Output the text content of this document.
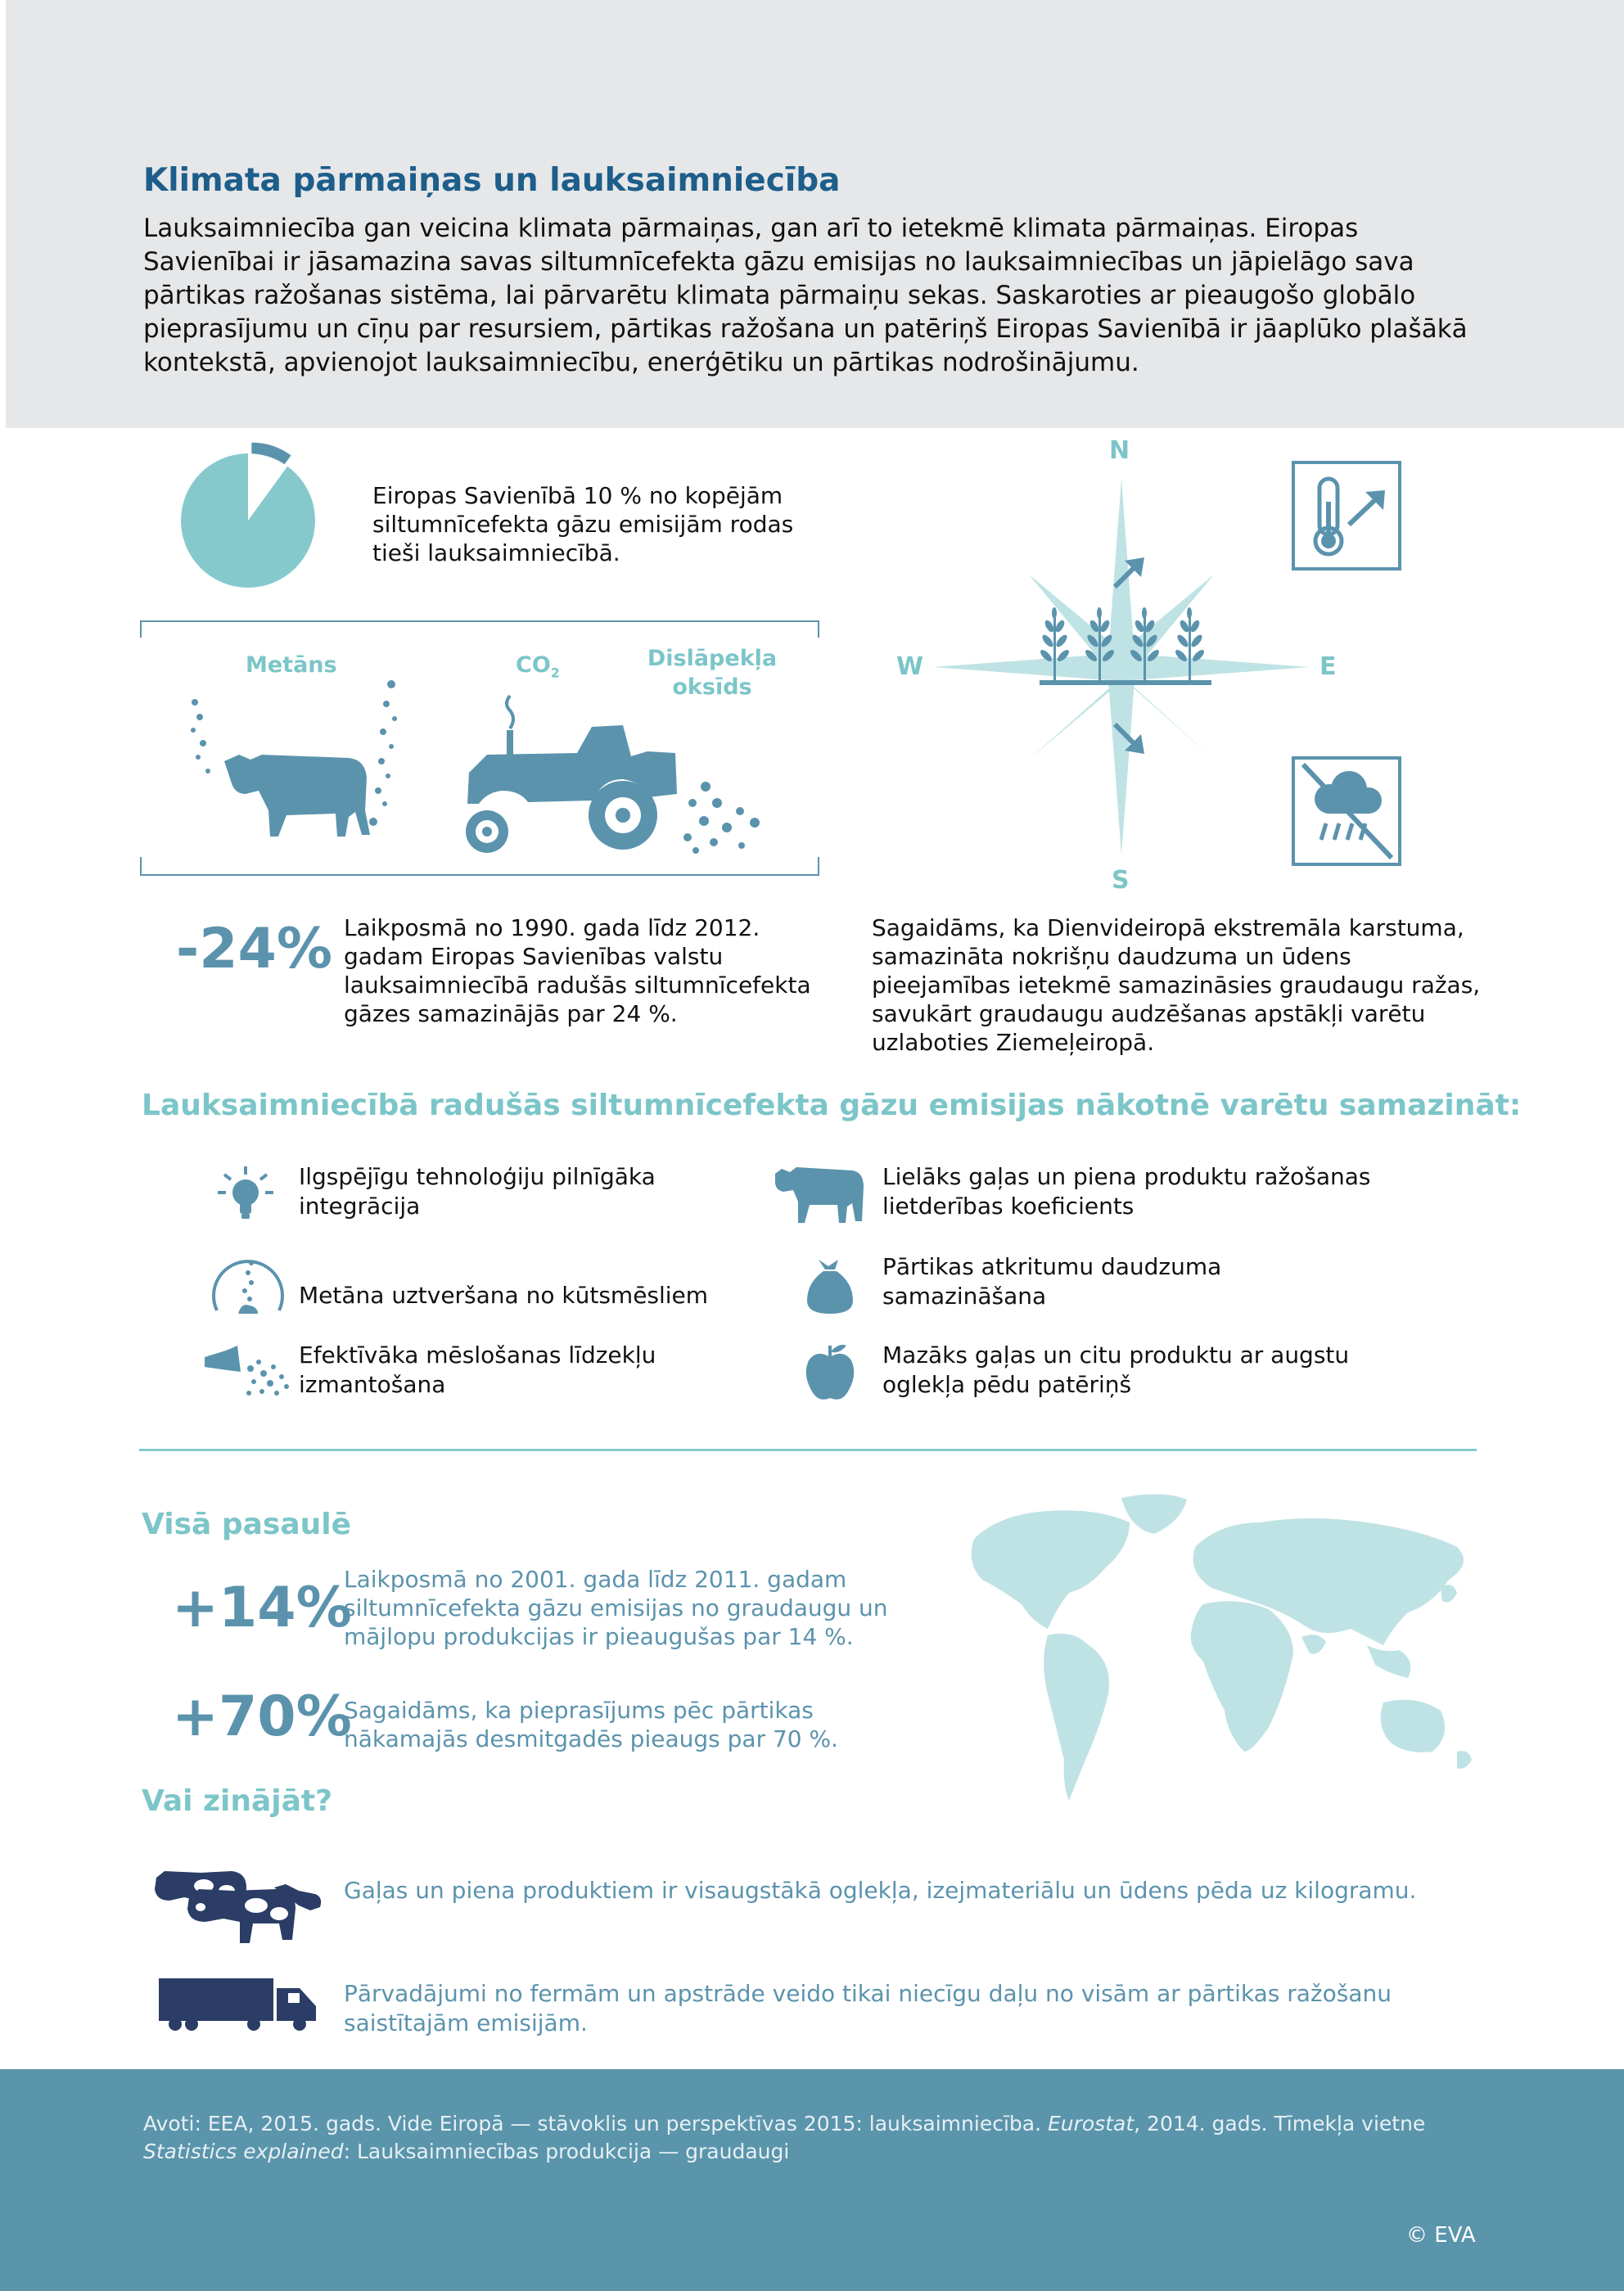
Klimata pārmaiņas un lauksaimniecība
Lauksaimniecība gan veicina klimata pārmaiņas, gan arī to ietekmē klimata pārmaiņas. Eiropas Savienībai ir jāsamazina savas siltumnīcefekta gāzu emisijas no lauksaimniecības un jāpielāgo sava pārtikas ražošanas sistēma, lai pārvarētu klimata pārmaiņu sekas. Saskaroties ar pieaugošo globālo pieprasījumu un cīņu par resursiem, pārtikas ražošana un patēriņš Eiropas Savienībā ir jāaplūko plašākā kontekstā, apvienojot lauksaimniecību, enerģētiku un pārtikas nodrošinājumu.
Eiropas Savienībā 10 % no kopējām siltumnīcefekta gāzu emisijām rodas tieši lauksaimniecībā.
Metāns	$CO_2$
Dislāpekļa oksīds
-24% Laikposmā no 1990. gada līdz 2012. gadam Eiropas Savienības valstu lauksaimniecībā radušās siltumnīcefekta gāzes samazinājās par 24 %.
N
S
W	E
Sagaidāms, ka Dienvideiropā ekstremāla karstuma, samazināta nokrišņu daudzuma un ūdens pieejamības ietekmē samazināsies graudaugu ražas, savukārt graudaugu audzēšanas apstākļi varētu uzlaboties Ziemeļeiropā.
Lauksaimniecībā radušās siltumnīcefekta gāzu emisijas nākotnē varētu samazināt:
Ilgspējīgu tehnoloģiju pilnīgāka integrācija
Metāna uztveršana no kūtsmēsliem
Efektīvāka mēslošanas līdzekļu izmantošana
Lielāks gaļas un piena produktu ražošanas lietderības koeficients
Pārtikas atkritumu daudzuma samazināšana
Mazāks gaļas un citu produktu ar augstu oglekļa pēdu patēriņš
Visā pasaulē
+14%
Laikposmā no 2001. gada līdz 2011. gadam siltumnīcefekta gāzu emisijas no graudaugu un mājlopu produkcijas ir pieaugušas par 14 %.
+70%
Sagaidāms, ka pieprasījums pēc pārtikas nākamajās desmitgadēs pieaugs par 70 %.
Vai zinājāt?
Gaļas un piena produktiem ir visaugstākā oglekļa, izejmateriālu un ūdens pēda uz kilogramu.
Pārvadājumi no fermām un apstrāde veido tikai niecīgu daļu no visām ar pārtikas ražošanu saistītajām emisijām.
Avoti: EEA, 2015. gads. Vide Eiropā — stāvoklis un perspektīvas 2015: lauksaimniecība. Eurostat, 2014. gads. Tīmekļa vietne Statistics explained: Lauksaimniecības produkcija — graudaugi
© EVA
